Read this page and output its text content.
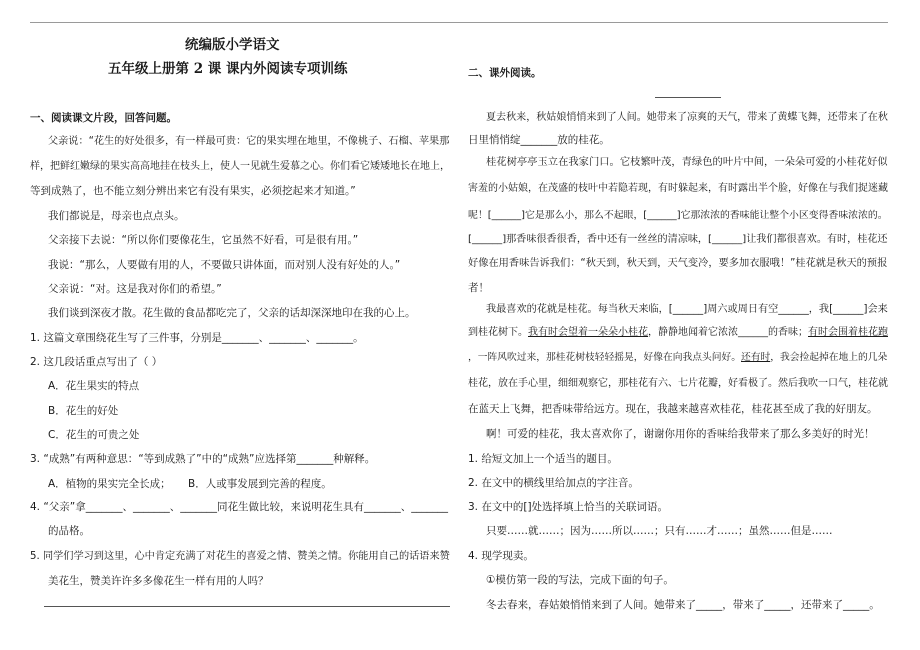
统编版小学语文
五年级上册第 2 课 课内外阅读专项训练
一、阅读课文片段，回答问题。
父亲说：“花生的好处很多，有一样最可贵：它的果实埋在地里，不像桃子、石榴、苹果那
样，把鲜红嫩绿的果实高高地挂在枝头上，使人一见就生爱慕之心。你们看它矮矮地长在地上，
等到成熟了，也不能立刻分辨出来它有没有果实，必须挖起来才知道。”
我们都说是，母亲也点点头。
父亲接下去说：“所以你们要像花生，它虽然不好看，可是很有用。”
我说：“那么，人要做有用的人，不要做只讲体面，而对别人没有好处的人。”
父亲说：“对。这是我对你们的希望。”
我们谈到深夜才散。花生做的食品都吃完了，父亲的话却深深地印在我的心上。
1. 这篇文章围绕花生写了三件事，分别是_______、_______、_______。
2. 这几段话重点写出了（ ）
A．花生果实的特点
B．花生的好处
C．花生的可贵之处
3. “成熟”有两种意思：“等到成熟了”中的“成熟”应选择第_______种解释。
A．植物的果实完全长成； B．人或事发展到完善的程度。
4. “父亲”拿_______、_______、_______同花生做比较，来说明花生具有_______、_______
的品格。
5. 同学们学习到这里，心中肯定充满了对花生的喜爱之情、赞美之情。你能用自己的话语来赞
美花生，赞美许许多多像花生一样有用的人吗？
二、课外阅读。
夏去秋来，秋姑娘悄悄来到了人间。她带来了凉爽的天气，带来了黄蝶飞舞，还带来了在秋
日里悄悄绽_______放的桂花。
桂花树亭亭玉立在我家门口。它枝繁叶茂，青绿色的叶片中间，一朵朵可爱的小桂花好似
害羞的小姑娘，在茂盛的枝叶中若隐若现，有时躲起来，有时露出半个脸，好像在与我们捉迷藏
呢！[______]它是那么小，那么不起眼，[______]它那浓浓的香味能让整个小区变得香味浓浓的。
[______]那香味很香很香，香中还有一丝丝的清凉味，[______]让我们都很喜欢。有时，桂花还
好像在用香味告诉我们：“秋天到，秋天到，天气变冷，要多加衣服哦！”桂花就是秋天的预报
者！
我最喜欢的花就是桂花。每当秋天来临，[______]周六或周日有空______，我[______]会来
到桂花树下。我有时会望着一朵朵小桂花，静静地闻着它浓浓______的香味；有时会围着桂花跑
，一阵风吹过来，那桂花树枝轻轻摇晃，好像在向我点头问好。还有时，我会捡起掉在地上的几朵
桂花，放在手心里，细细观察它，那桂花有六、七片花瓣，好看极了。然后我吹一口气，桂花就
在蓝天上飞舞，把香味带给远方。现在，我越来越喜欢桂花，桂花甚至成了我的好朋友。
啊！可爱的桂花，我太喜欢你了，谢谢你用你的香味给我带来了那么多美好的时光！
1. 给短文加上一个适当的题目。
2. 在文中的横线里给加点的字注音。
3. 在文中的[]处选择填上恰当的关联词语。
只要……就……；因为……所以……；只有……才……；虽然……但是……
4. 现学现卖。
①模仿第一段的写法，完成下面的句子。
冬去春来，春姑娘悄悄来到了人间。她带来了_____，带来了_____，还带来了_____。
